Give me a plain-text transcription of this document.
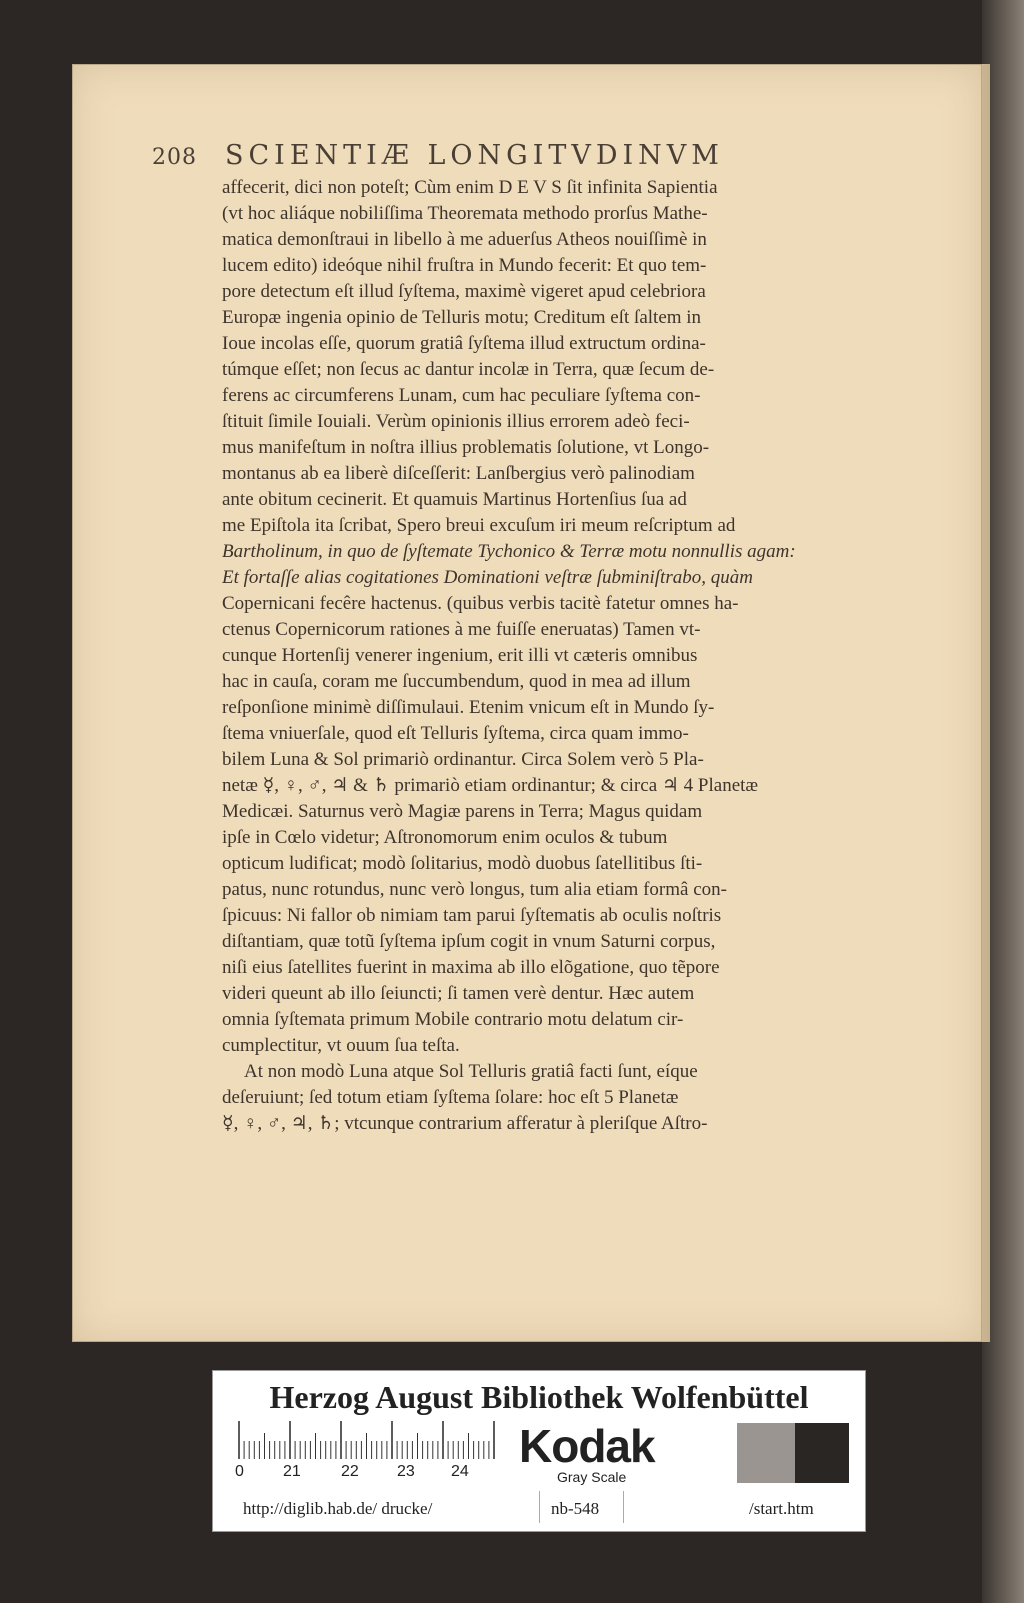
208 SCIENTIÆ LONGITVDINVM
affecerit, dici non poteſt; Cùm enim D E V S ſit infinita Sapientia
(vt hoc aliáque nobiliſſima Theoremata methodo prorſus Mathe-
matica demonſtraui in libello à me aduerſus Atheos nouiſſimè in
lucem edito) ideóque nihil fruſtra in Mundo fecerit: Et quo tem-
pore detectum eſt illud ſyſtema, maximè vigeret apud celebriora
Europæ ingenia opinio de Telluris motu; Creditum eſt ſaltem in
Ioue incolas eſſe, quorum gratiâ ſyſtema illud extructum ordina-
túmque eſſet; non ſecus ac dantur incolæ in Terra, quæ ſecum de-
ferens ac circumferens Lunam, cum hac peculiare ſyſtema con-
ſtituit ſimile Iouiali. Verùm opinionis illius errorem adeò feci-
mus manifeſtum in noſtra illius problematis ſolutione, vt Longo-
montanus ab ea liberè diſceſſerit: Lanſbergius verò palinodiam
ante obitum cecinerit. Et quamuis Martinus Hortenſius ſua ad
me Epiſtola ita ſcribat, Spero breui excuſum iri meum reſcriptum ad
Bartholinum, in quo de ſyſtemate Tychonico & Terræ motu nonnullis agam:
Et fortaſſe alias cogitationes Dominationi veſtræ ſubminiſtrabo, quàm
Copernicani fecêre hactenus. (quibus verbis tacitè fatetur omnes ha-
ctenus Copernicorum rationes à me fuiſſe eneruatas) Tamen vt-
cunque Hortenſij venerer ingenium, erit illi vt cæteris omnibus
hac in cauſa, coram me ſuccumbendum, quod in mea ad illum
reſponſione minimè diſſimulaui. Etenim vnicum eſt in Mundo ſy-
ſtema vniuerſale, quod eſt Telluris ſyſtema, circa quam immo-
bilem Luna & Sol primariò ordinantur. Circa Solem verò 5 Pla-
netæ ☿, ♀, ♂, ♃ & ♄ primariò etiam ordinantur; & circa ♃ 4 Planetæ
Medicæi. Saturnus verò Magiæ parens in Terra; Magus quidam
ipſe in Cœlo videtur; Aſtronomorum enim oculos & tubum
opticum ludificat; modò ſolitarius, modò duobus ſatellitibus ſti-
patus, nunc rotundus, nunc verò longus, tum alia etiam formâ con-
ſpicuus: Ni fallor ob nimiam tam parui ſyſtematis ab oculis noſtris
diſtantiam, quæ totũ ſyſtema ipſum cogit in vnum Saturni corpus,
niſi eius ſatellites fuerint in maxima ab illo elõgatione, quo tẽpore
videri queunt ab illo ſeiuncti; ſi tamen verè dentur. Hæc autem
omnia ſyſtemata primum Mobile contrario motu delatum cir-
cumplectitur, vt ouum ſua teſta.
At non modò Luna atque Sol Telluris gratiâ facti ſunt, eíque
deſeruiunt; ſed totum etiam ſyſtema ſolare: hoc eſt 5 Planetæ
☿, ♀, ♂, ♃, ♄; vtcunque contrarium afferatur à pleriſque Aſtro-
Herzog August Bibliothek Wolfenbüttel
0 21	22 23 24 Kodak
Gray Scale
http://diglib.hab.de/ drucke/	nb-548	/start.htm
